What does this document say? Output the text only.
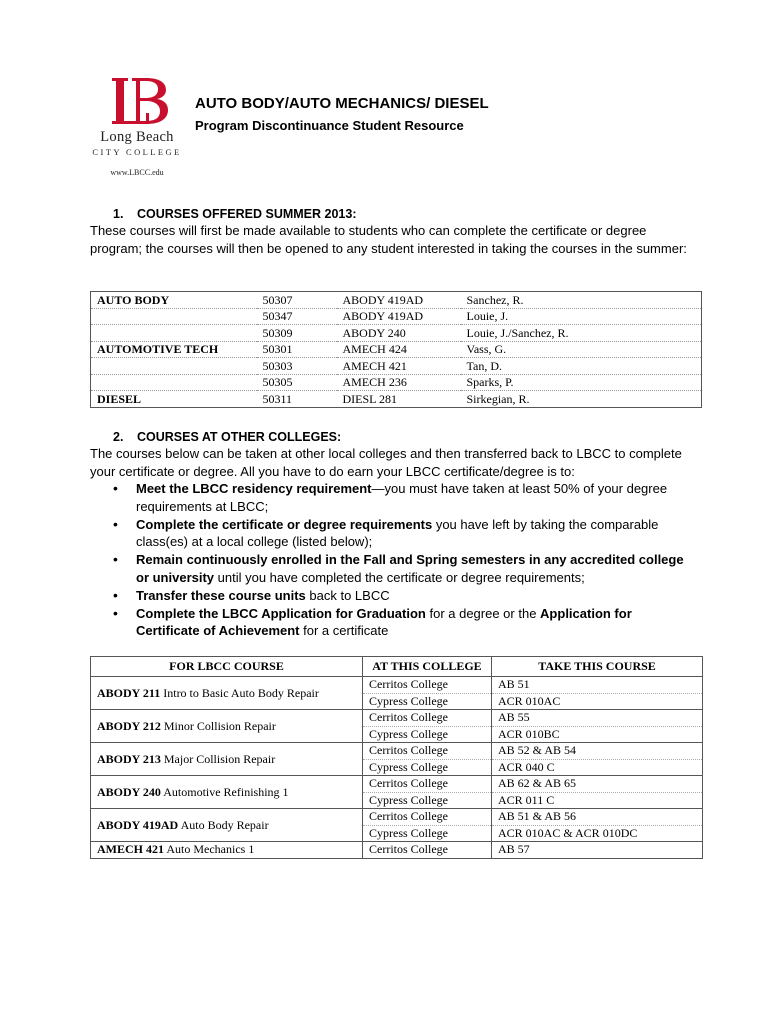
Long Beach
CITY COLLEGE
www.LBCC.edu
AUTO BODY/AUTO MECHANICS/ DIESEL
Program Discontinuance Student Resource
1. COURSES OFFERED SUMMER 2013:
These courses will first be made available to students who can complete the certificate or degree program; the courses will then be opened to any student interested in taking the courses in the summer:
AUTO BODY	50307	ABODY 419AD	Sanchez, R.
	50347	ABODY 419AD	Louie, J.
	50309	ABODY 240	Louie, J./Sanchez, R.
AUTOMOTIVE TECH	50301	AMECH 424	Vass, G.
	50303	AMECH 421	Tan, D.
	50305	AMECH 236	Sparks, P.
DIESEL	50311	DIESL 281	Sirkegian, R.
2. COURSES AT OTHER COLLEGES:
The courses below can be taken at other local colleges and then transferred back to LBCC to complete your certificate or degree. All you have to do earn your LBCC certificate/degree is to:
• Meet the LBCC residency requirement—you must have taken at least 50% of your degree requirements at LBCC;
• Complete the certificate or degree requirements you have left by taking the comparable class(es) at a local college (listed below);
• Remain continuously enrolled in the Fall and Spring semesters in any accredited college or university until you have completed the certificate or degree requirements;
• Transfer these course units back to LBCC
• Complete the LBCC Application for Graduation for a degree or the Application for Certificate of Achievement for a certificate
FOR LBCC COURSE	AT THIS COLLEGE	TAKE THIS COURSE
ABODY 211 Intro to Basic Auto Body Repair	Cerritos College	AB 51
	Cypress College	ACR 010AC
ABODY 212 Minor Collision Repair	Cerritos College	AB 55
	Cypress College	ACR 010BC
ABODY 213 Major Collision Repair	Cerritos College	AB 52 & AB 54
	Cypress College	ACR 040 C
ABODY 240 Automotive Refinishing 1	Cerritos College	AB 62 & AB 65
	Cypress College	ACR 011 C
ABODY 419AD Auto Body Repair	Cerritos College	AB 51 & AB 56
	Cypress College	ACR 010AC & ACR 010DC
AMECH 421 Auto Mechanics 1	Cerritos College	AB 57
